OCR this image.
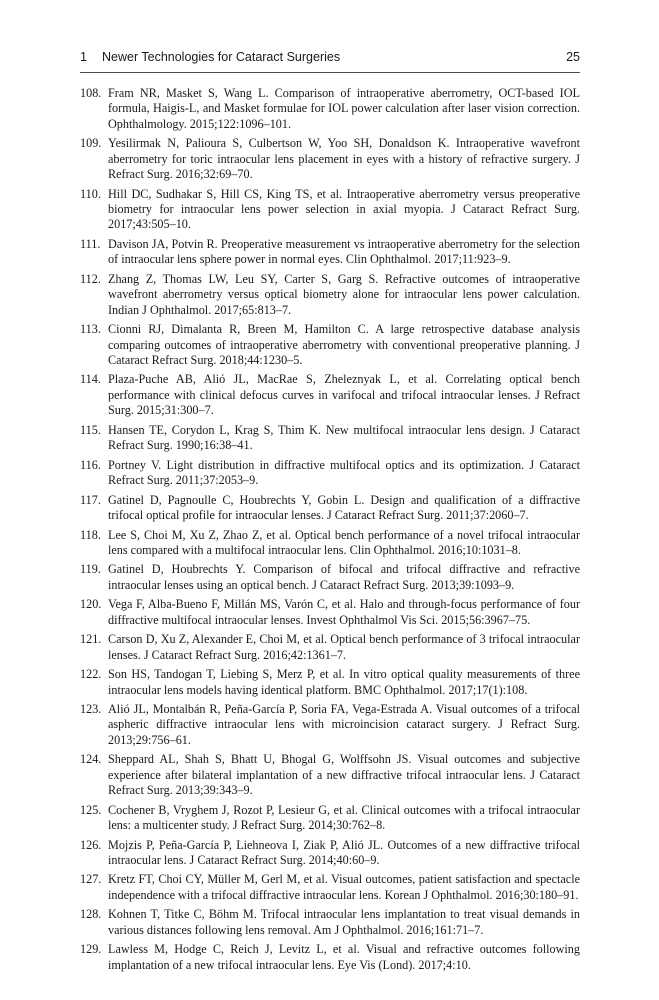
1 Newer Technologies for Cataract Surgeries	25
108. Fram NR, Masket S, Wang L. Comparison of intraoperative aberrometry, OCT-based IOL formula, Haigis-L, and Masket formulae for IOL power calculation after laser vision correction. Ophthalmology. 2015;122:1096–101.
109. Yesilirmak N, Palioura S, Culbertson W, Yoo SH, Donaldson K. Intraoperative wavefront aberrometry for toric intraocular lens placement in eyes with a history of refractive surgery. J Refract Surg. 2016;32:69–70.
110. Hill DC, Sudhakar S, Hill CS, King TS, et al. Intraoperative aberrometry versus preoperative biometry for intraocular lens power selection in axial myopia. J Cataract Refract Surg. 2017;43:505–10.
111. Davison JA, Potvin R. Preoperative measurement vs intraoperative aberrometry for the selection of intraocular lens sphere power in normal eyes. Clin Ophthalmol. 2017;11:923–9.
112. Zhang Z, Thomas LW, Leu SY, Carter S, Garg S. Refractive outcomes of intraoperative wavefront aberrometry versus optical biometry alone for intraocular lens power calculation. Indian J Ophthalmol. 2017;65:813–7.
113. Cionni RJ, Dimalanta R, Breen M, Hamilton C. A large retrospective database analysis comparing outcomes of intraoperative aberrometry with conventional preoperative planning. J Cataract Refract Surg. 2018;44:1230–5.
114. Plaza-Puche AB, Alió JL, MacRae S, Zheleznyak L, et al. Correlating optical bench performance with clinical defocus curves in varifocal and trifocal intraocular lenses. J Refract Surg. 2015;31:300–7.
115. Hansen TE, Corydon L, Krag S, Thim K. New multifocal intraocular lens design. J Cataract Refract Surg. 1990;16:38–41.
116. Portney V. Light distribution in diffractive multifocal optics and its optimization. J Cataract Refract Surg. 2011;37:2053–9.
117. Gatinel D, Pagnoulle C, Houbrechts Y, Gobin L. Design and qualification of a diffractive trifocal optical profile for intraocular lenses. J Cataract Refract Surg. 2011;37:2060–7.
118. Lee S, Choi M, Xu Z, Zhao Z, et al. Optical bench performance of a novel trifocal intraocular lens compared with a multifocal intraocular lens. Clin Ophthalmol. 2016;10:1031–8.
119. Gatinel D, Houbrechts Y. Comparison of bifocal and trifocal diffractive and refractive intraocular lenses using an optical bench. J Cataract Refract Surg. 2013;39:1093–9.
120. Vega F, Alba-Bueno F, Millán MS, Varón C, et al. Halo and through-focus performance of four diffractive multifocal intraocular lenses. Invest Ophthalmol Vis Sci. 2015;56:3967–75.
121. Carson D, Xu Z, Alexander E, Choi M, et al. Optical bench performance of 3 trifocal intraocular lenses. J Cataract Refract Surg. 2016;42:1361–7.
122. Son HS, Tandogan T, Liebing S, Merz P, et al. In vitro optical quality measurements of three intraocular lens models having identical platform. BMC Ophthalmol. 2017;17(1):108.
123. Alió JL, Montalbán R, Peña-García P, Soria FA, Vega-Estrada A. Visual outcomes of a trifocal aspheric diffractive intraocular lens with microincision cataract surgery. J Refract Surg. 2013;29:756–61.
124. Sheppard AL, Shah S, Bhatt U, Bhogal G, Wolffsohn JS. Visual outcomes and subjective experience after bilateral implantation of a new diffractive trifocal intraocular lens. J Cataract Refract Surg. 2013;39:343–9.
125. Cochener B, Vryghem J, Rozot P, Lesieur G, et al. Clinical outcomes with a trifocal intraocular lens: a multicenter study. J Refract Surg. 2014;30:762–8.
126. Mojzis P, Peña-García P, Liehneova I, Ziak P, Alió JL. Outcomes of a new diffractive trifocal intraocular lens. J Cataract Refract Surg. 2014;40:60–9.
127. Kretz FT, Choi CY, Müller M, Gerl M, et al. Visual outcomes, patient satisfaction and spectacle independence with a trifocal diffractive intraocular lens. Korean J Ophthalmol. 2016;30:180–91.
128. Kohnen T, Titke C, Böhm M. Trifocal intraocular lens implantation to treat visual demands in various distances following lens removal. Am J Ophthalmol. 2016;161:71–7.
129. Lawless M, Hodge C, Reich J, Levitz L, et al. Visual and refractive outcomes following implantation of a new trifocal intraocular lens. Eye Vis (Lond). 2017;4:10.
